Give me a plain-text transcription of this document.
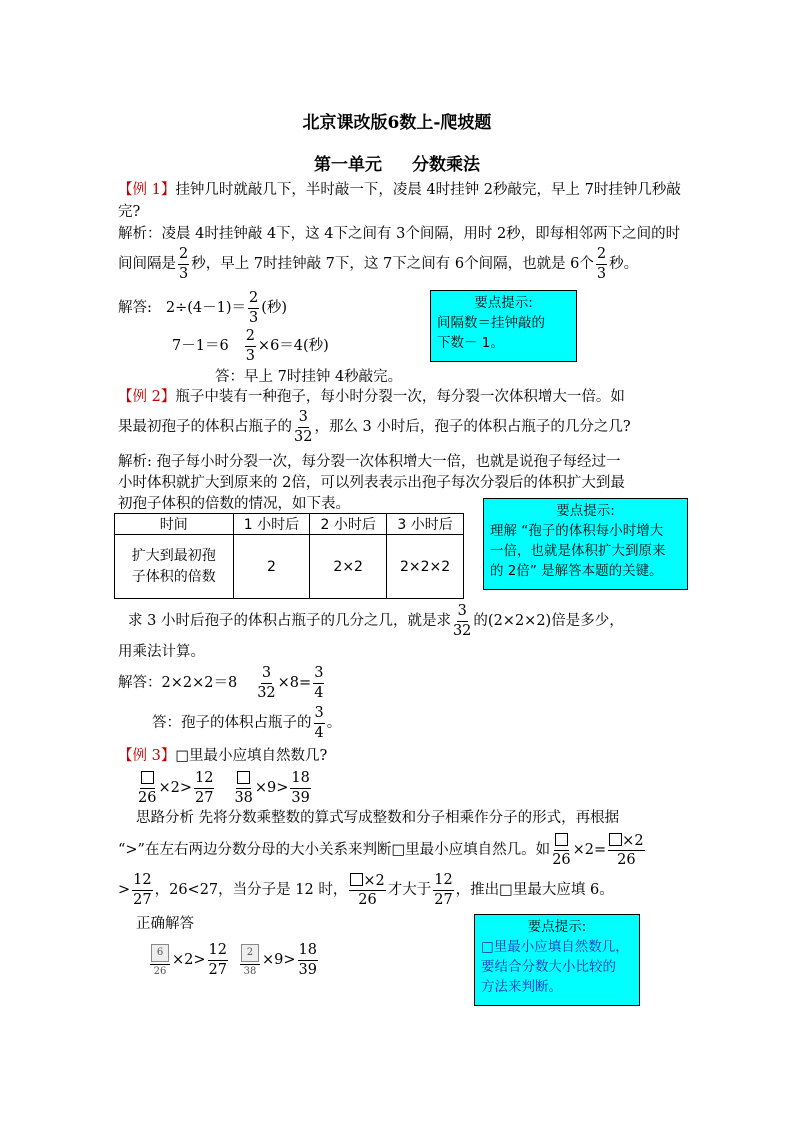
北京课改版6数上-爬坡题
第一单元 分数乘法
【例 1】挂钟几时就敲几下，半时敲一下，凌晨 4时挂钟 2秒敲完，早上 7时挂钟几秒敲
完?
解析：凌晨 4时挂钟敲 4下，这 4下之间有 3个间隔，用时 2秒，即每相邻两下之间的时
间间隔是 $\frac{2}{3}$ 秒，早上 7时挂钟敲 7下，这 7下之间有 6个间隔，也就是 6个 $\frac{2}{3}$ 秒。
解答: $2\div(4-1)= \frac{2}{3}$ (秒)
$7-1=6 \frac{2}{3} \times 6=4$(秒)
答：早上 7时挂钟 4秒敲完。
要点提示:
间隔数＝挂钟敲的
下数－ 1。
【例 2】瓶子中装有一种孢子，每小时分裂一次，每分裂一次体积增大一倍。如
果最初孢子的体积占瓶子的 $\frac{3}{32}$ ，那么 3 小时后，孢子的体积占瓶子的几分之几?
解析: 孢子每小时分裂一次，每分裂一次体积增大一倍，也就是说孢子每经过一
小时体积就扩大到原来的 2倍，可以列表表示出孢子每次分裂后的体积扩大到最
初孢子体积的倍数的情况，如下表。
时间	1 小时后	2 小时后	3 小时后

扩大到最初孢
子体积的倍数	2	2×2	2×2×2
要点提示:
理解 “孢子的体积每小时增大
一倍，也就是体积扩大到原来
的 2倍” 是解答本题的关键。
求 3 小时后孢子的体积占瓶子的几分之几，就是求 $\frac{3}{32}$ 的(2×2×2)倍是多少，
用乘法计算。
解答：$2\times 2\times 2=8 \frac{3}{32} \times 8= \frac{3}{4}$
答：孢子的体积占瓶子的 $\frac{3}{4}$ 。
【例 3】□里最小应填自然数几?
26
$\times 2> \frac{12}{27} 38$
$\times 9> \frac{18}{39}$
思路分析 先将分数乘整数的算式写成整数和分子相乘作分子的形式，再根据
“>”在左右两边分数分母的大小关系来判断□里最小应填自然几。如
26
$\times 2= \frac{\times 2}{26}$
> $\frac{12}{27}$ ，26<27，当分子是 12 时， $\frac{\times 2}{26}$ 才大于 $\frac{12}{27}$ ，推出□里最大应填 6。
正确解答
$\frac{6}{26} \times 2> \frac{12}{27} \frac{2}{38} \times 9> \frac{18}{39}$
要点提示:
□里最小应填自然数几，
要结合分数大小比较的
方法来判断。
